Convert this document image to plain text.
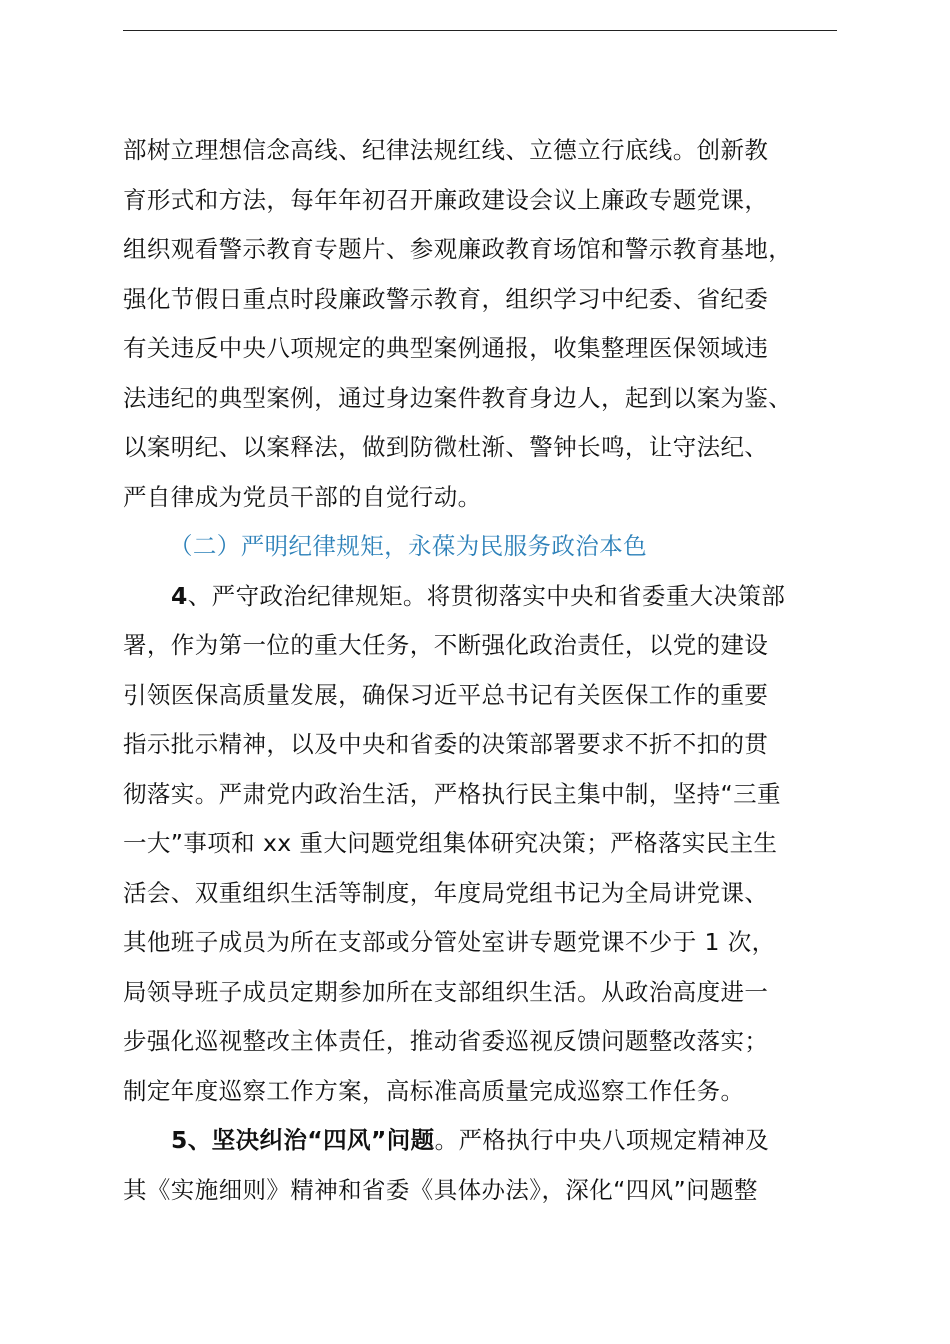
部树立理想信念高线、纪律法规红线、立德立行底线。创新教
育形式和方法，每年年初召开廉政建设会议上廉政专题党课，
组织观看警示教育专题片、参观廉政教育场馆和警示教育基地，
强化节假日重点时段廉政警示教育，组织学习中纪委、省纪委
有关违反中央八项规定的典型案例通报，收集整理医保领域违
法违纪的典型案例，通过身边案件教育身边人，起到以案为鉴、
以案明纪、以案释法，做到防微杜渐、警钟长鸣，让守法纪、
严自律成为党员干部的自觉行动。
（二）严明纪律规矩，永葆为民服务政治本色
4、严守政治纪律规矩。将贯彻落实中央和省委重大决策部
署，作为第一位的重大任务，不断强化政治责任，以党的建设
引领医保高质量发展，确保习近平总书记有关医保工作的重要
指示批示精神，以及中央和省委的决策部署要求不折不扣的贯
彻落实。严肃党内政治生活，严格执行民主集中制，坚持“三重
一大”事项和 xx 重大问题党组集体研究决策；严格落实民主生
活会、双重组织生活等制度，年度局党组书记为全局讲党课、
其他班子成员为所在支部或分管处室讲专题党课不少于 1 次，
局领导班子成员定期参加所在支部组织生活。从政治高度进一
步强化巡视整改主体责任，推动省委巡视反馈问题整改落实；
制定年度巡察工作方案，高标准高质量完成巡察工作任务。
5、坚决纠治“四风”问题。严格执行中央八项规定精神及
其《实施细则》精神和省委《具体办法》，深化“四风”问题整
